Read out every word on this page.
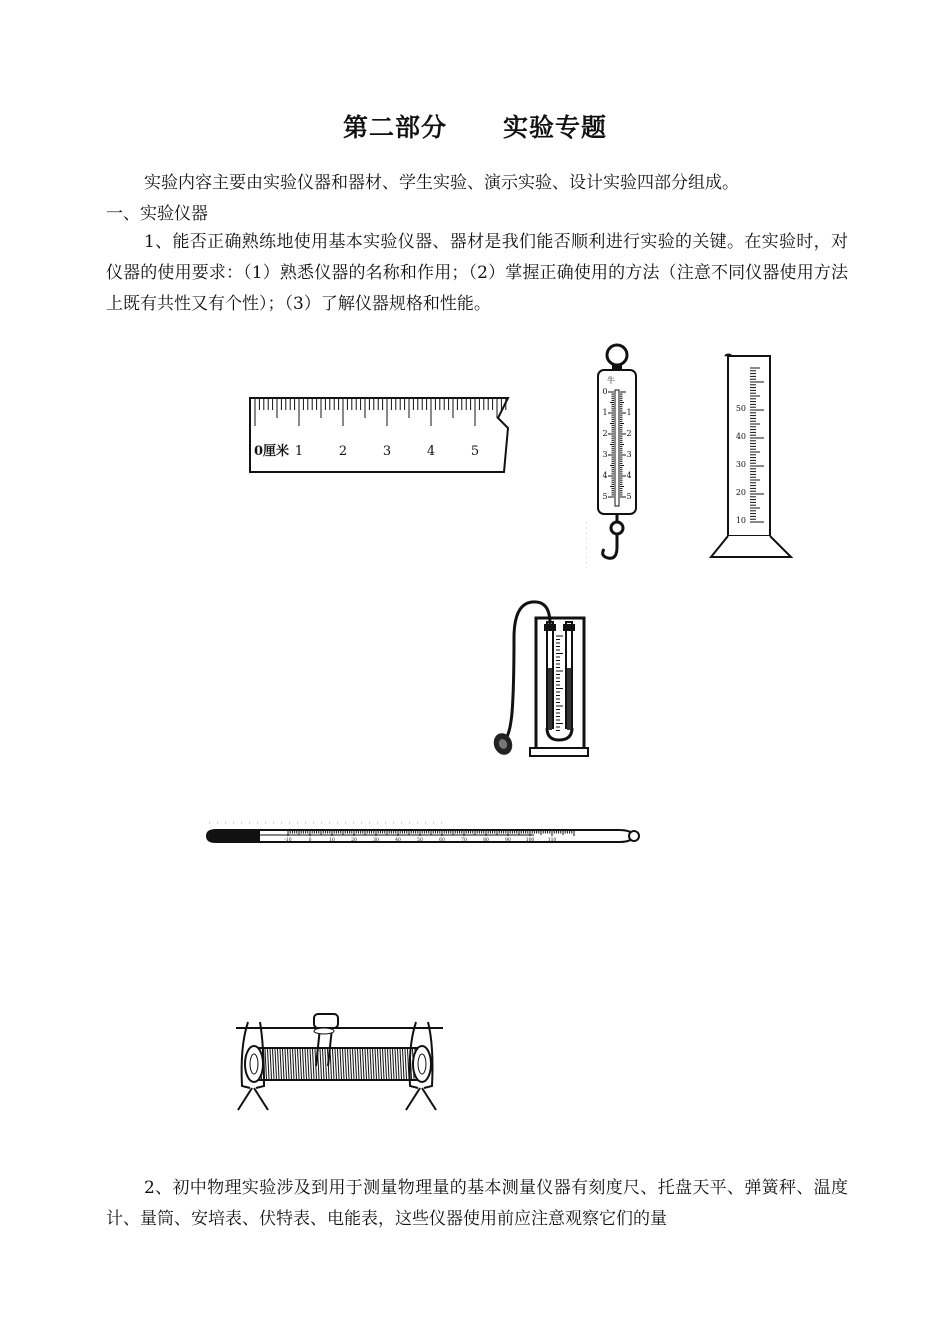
第二部分 实验专题

实验内容主要由实验仪器和器材、学生实验、演示实验、设计实验四部分组成。

一、实验仪器

1、能否正确熟练地使用基本实验仪器、器材是我们能否顺利进行实验的关键。在实验时，对仪器的使用要求：（1）熟悉仪器的名称和作用；（2）掌握正确使用的方法（注意不同仪器使用方法上既有共性又有个性）；（3）了解仪器规格和性能。

0厘米 1	2	3	4	5
牛
0
1
2
3
4
5
1
2
3
4
5
50
40
30
20
10
-10	0	10	20	30	40	50	60	70	80	90	100	110

2、初中物理实验涉及到用于测量物理量的基本测量仪器有刻度尺、托盘天平、弹簧秤、温度计、量筒、安培表、伏特表、电能表，这些仪器使用前应注意观察它们的量
